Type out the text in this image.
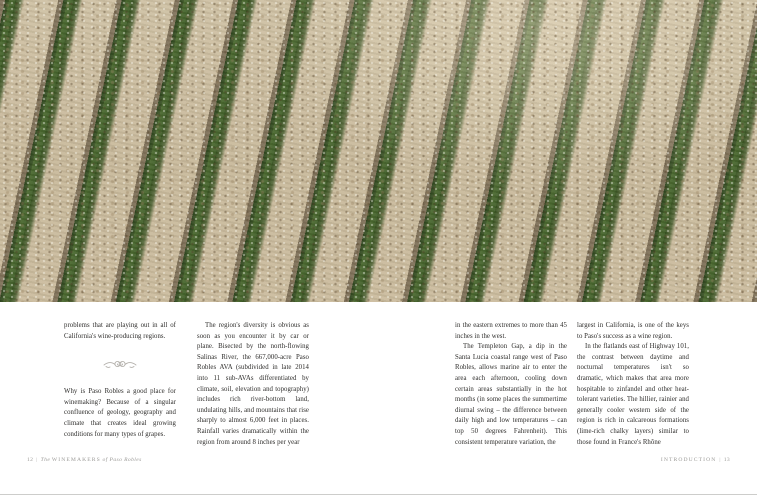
problems that are playing out in all of California's wine-producing regions.

Why is Paso Robles a good place for winemaking? Because of a singular confluence of geology, geography and climate that creates ideal growing conditions for many types of grapes.

The region's diversity is obvious as soon as you encounter it by car or plane. Bisected by the north-flowing Salinas River, the 667,000-acre Paso Robles AVA (subdivided in late 2014 into 11 sub-AVAs differentiated by climate, soil, elevation and topography) includes rich river-bottom land, undulating hills, and mountains that rise sharply to almost 6,000 feet in places. Rainfall varies dramatically within the region from around 8 inches per year

in the eastern extremes to more than 45 inches in the west.

The Templeton Gap, a dip in the Santa Lucia coastal range west of Paso Robles, allows marine air to enter the area each afternoon, cooling down certain areas substantially in the hot months (in some places the summertime diurnal swing – the difference between daily high and low temperatures – can top 50 degrees Fahrenheit). This consistent temperature variation, the

largest in California, is one of the keys to Paso's success as a wine region.

In the flatlands east of Highway 101, the contrast between daytime and nocturnal temperatures isn't so dramatic, which makes that area more hospitable to zinfandel and other heat-tolerant varieties. The hillier, rainier and generally cooler western side of the region is rich in calcareous formations (lime-rich chalky layers) similar to those found in France's Rhône

12 | The WINEMAKERS of Paso Robles	INTRODUCTION | 13
